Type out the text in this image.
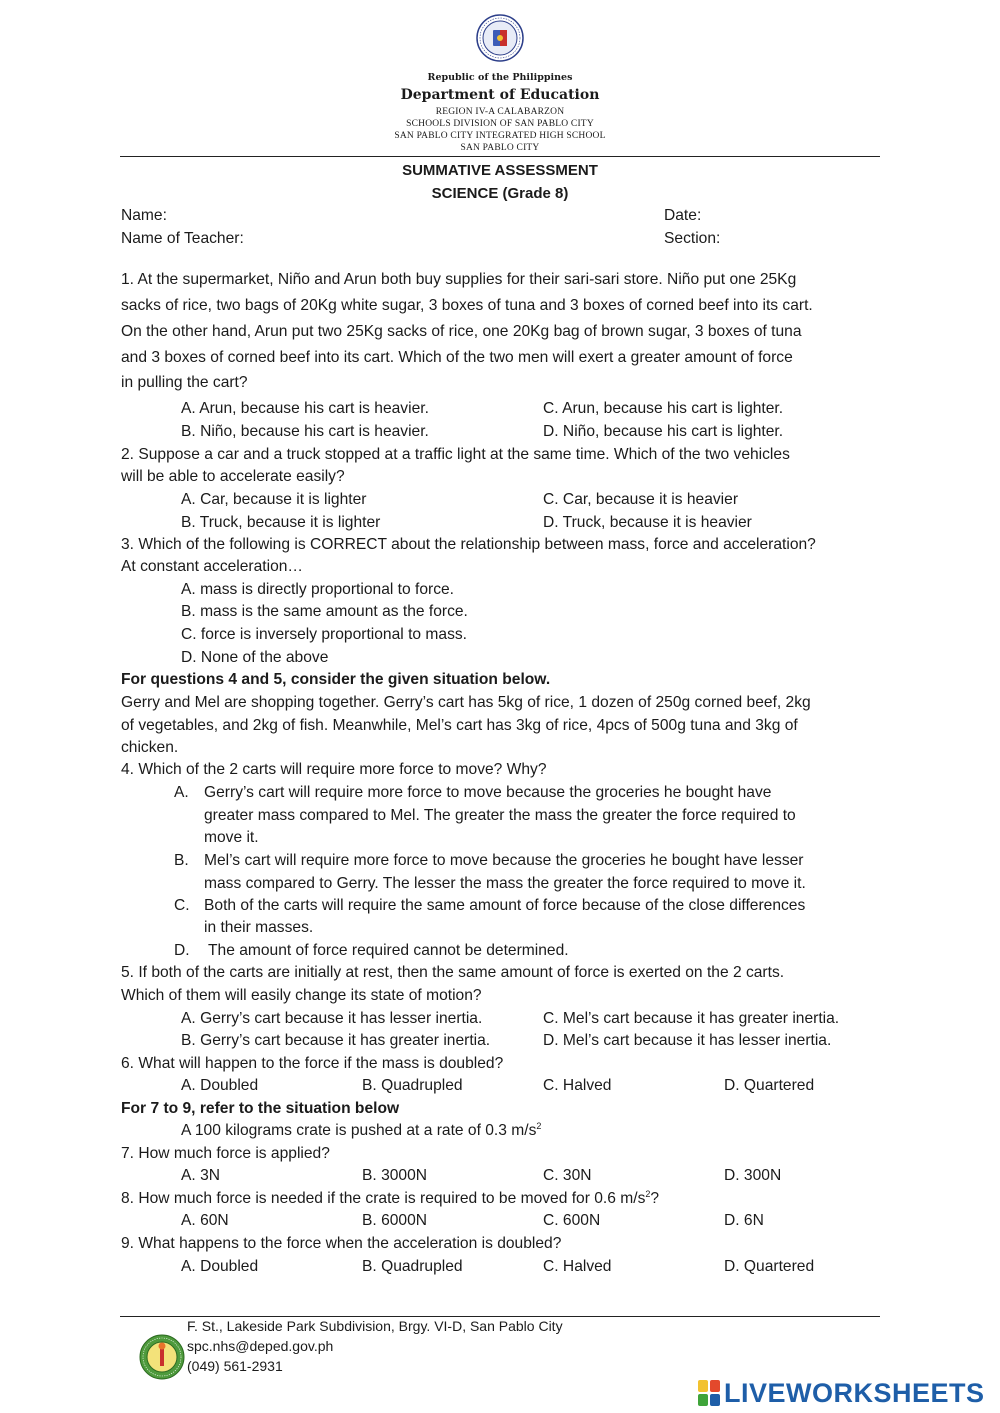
Republic of the Philippines
Department of Education
REGION IV-A CALABARZON
SCHOOLS DIVISION OF SAN PABLO CITY
SAN PABLO CITY INTEGRATED HIGH SCHOOL
SAN PABLO CITY
SUMMATIVE ASSESSMENT
SCIENCE (Grade 8)
Name:	Date:
Name of Teacher:	Section:
1. At the supermarket, Niño and Arun both buy supplies for their sari-sari store. Niño put one 25Kg
sacks of rice, two bags of 20Kg white sugar, 3 boxes of tuna and 3 boxes of corned beef into its cart.
On the other hand, Arun put two 25Kg sacks of rice, one 20Kg bag of brown sugar, 3 boxes of tuna
and 3 boxes of corned beef into its cart. Which of the two men will exert a greater amount of force
in pulling the cart?
A. Arun, because his cart is heavier.	C. Arun, because his cart is lighter.
B. Niño, because his cart is heavier.	D. Niño, because his cart is lighter.
2. Suppose a car and a truck stopped at a traffic light at the same time. Which of the two vehicles
will be able to accelerate easily?
A. Car, because it is lighter	C. Car, because it is heavier
B. Truck, because it is lighter	D. Truck, because it is heavier
3. Which of the following is CORRECT about the relationship between mass, force and acceleration?
At constant acceleration…
A. mass is directly proportional to force.
B. mass is the same amount as the force.
C. force is inversely proportional to mass.
D. None of the above
For questions 4 and 5, consider the given situation below.
Gerry and Mel are shopping together. Gerry’s cart has 5kg of rice, 1 dozen of 250g corned beef, 2kg
of vegetables, and 2kg of fish. Meanwhile, Mel’s cart has 3kg of rice, 4pcs of 500g tuna and 3kg of
chicken.
4. Which of the 2 carts will require more force to move? Why?
A. Gerry’s cart will require more force to move because the groceries he bought have
greater mass compared to Mel. The greater the mass the greater the force required to
move it.
B. Mel’s cart will require more force to move because the groceries he bought have lesser
mass compared to Gerry. The lesser the mass the greater the force required to move it.
C. Both of the carts will require the same amount of force because of the close differences
in their masses.
D. The amount of force required cannot be determined.
5. If both of the carts are initially at rest, then the same amount of force is exerted on the 2 carts.
Which of them will easily change its state of motion?
A. Gerry’s cart because it has lesser inertia.	C. Mel’s cart because it has greater inertia.
B. Gerry’s cart because it has greater inertia.	D. Mel’s cart because it has lesser inertia.
6. What will happen to the force if the mass is doubled?
A. Doubled	B. Quadrupled	C. Halved	D. Quartered
For 7 to 9, refer to the situation below
A 100 kilograms crate is pushed at a rate of 0.3 $m/s^2$
7. How much force is applied?
A. 3N	B. 3000N	C. 30N	D. 300N
8. How much force is needed if the crate is required to be moved for 0.6 $m/s^2$?
A. 60N	B. 6000N	C. 600N	D. 6N
9. What happens to the force when the acceleration is doubled?
A. Doubled	B. Quadrupled	C. Halved	D. Quartered
F. St., Lakeside Park Subdivision, Brgy. VI-D, San Pablo City
spc.nhs@deped.gov.ph
(049) 561-2931
LIVEWORKSHEETS
